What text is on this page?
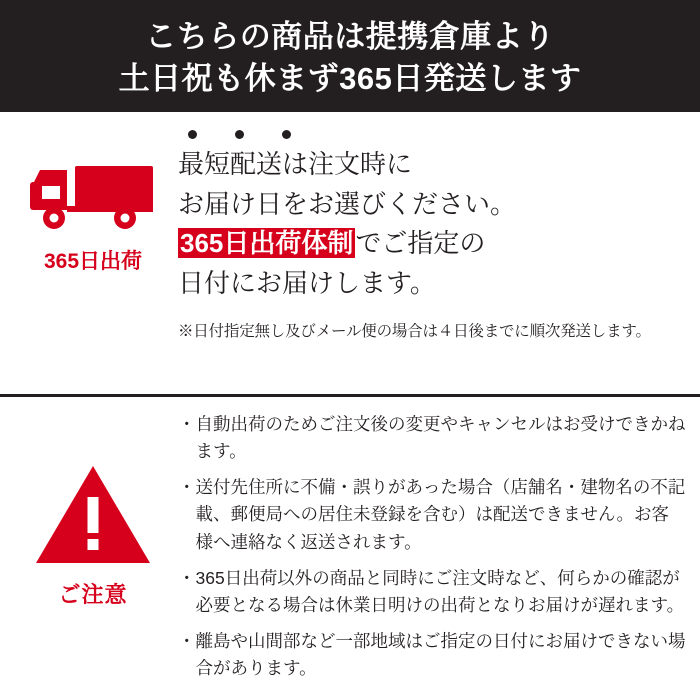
こちらの商品は提携倉庫より
土日祝も休まず365日発送します
365日出荷
最短配送は注文時に
お届け日をお選びください。
365日出荷体制でご指定の
日付にお届けします。
※日付指定無し及びメール便の場合は４日後までに順次発送します。
ご注意
・ 自動出荷のためご注文後の変更やキャンセルはお受けできかねます。
・ 送付先住所に不備・誤りがあった場合（店舗名・建物名の不記載、郵便局への居住未登録を含む）は配送できません。お客様へ連絡なく返送されます。
・ 365日出荷以外の商品と同時にご注文時など、何らかの確認が必要となる場合は休業日明けの出荷となりお届けが遅れます。
・ 離島や山間部など一部地域はご指定の日付にお届けできない場合があります。
